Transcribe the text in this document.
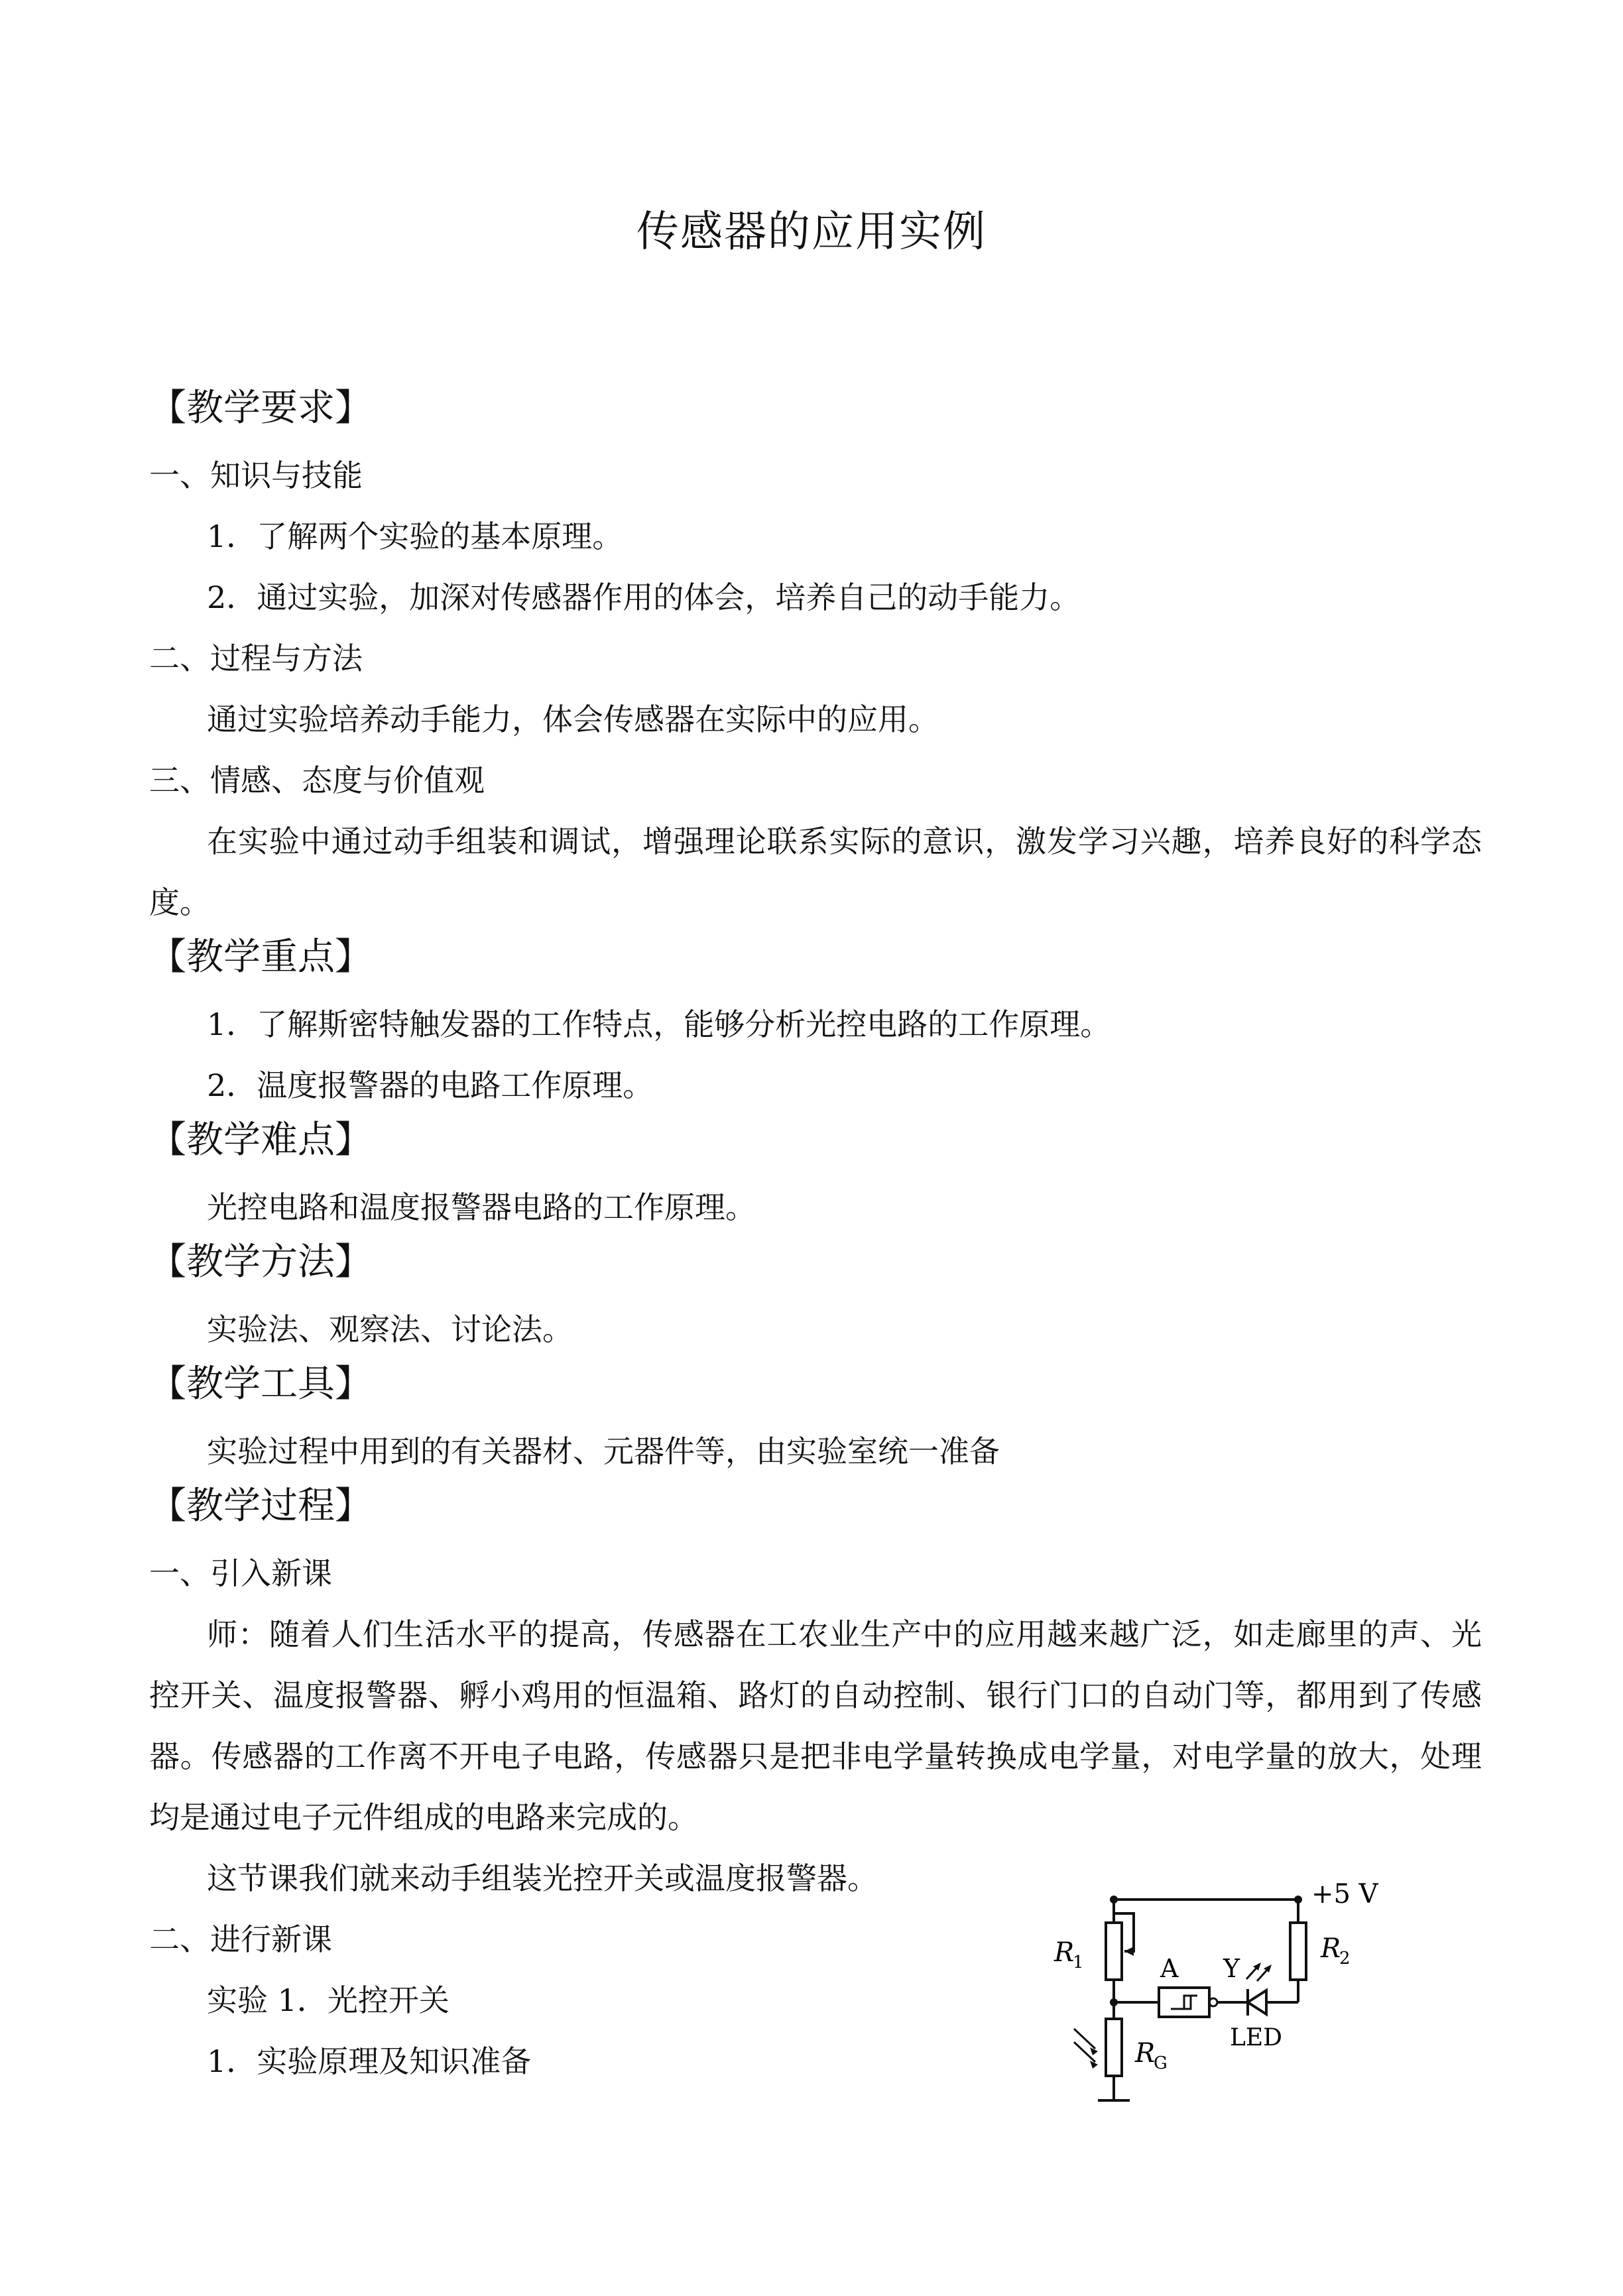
传感器的应用实例
【教学要求】
一、知识与技能
1．了解两个实验的基本原理。
2．通过实验，加深对传感器作用的体会，培养自己的动手能力。
二、过程与方法
通过实验培养动手能力，体会传感器在实际中的应用。
三、情感、态度与价值观
在实验中通过动手组装和调试，增强理论联系实际的意识，激发学习兴趣，培养良好的科学态度。
【教学重点】
1．了解斯密特触发器的工作特点，能够分析光控电路的工作原理。
2．温度报警器的电路工作原理。
【教学难点】
光控电路和温度报警器电路的工作原理。
【教学方法】
实验法、观察法、讨论法。
【教学工具】
实验过程中用到的有关器材、元器件等，由实验室统一准备
【教学过程】
一、引入新课
师：随着人们生活水平的提高，传感器在工农业生产中的应用越来越广泛，如走廊里的声、光控开关、温度报警器、孵小鸡用的恒温箱、路灯的自动控制、银行门口的自动门等，都用到了传感器。传感器的工作离不开电子电路，传感器只是把非电学量转换成电学量，对电学量的放大，处理均是通过电子元件组成的电路来完成的。
这节课我们就来动手组装光控开关或温度报警器。
二、进行新课
实验 1．光控开关
1．实验原理及知识准备
+5 V
R
1	R
2
R
G
A Y
LED
